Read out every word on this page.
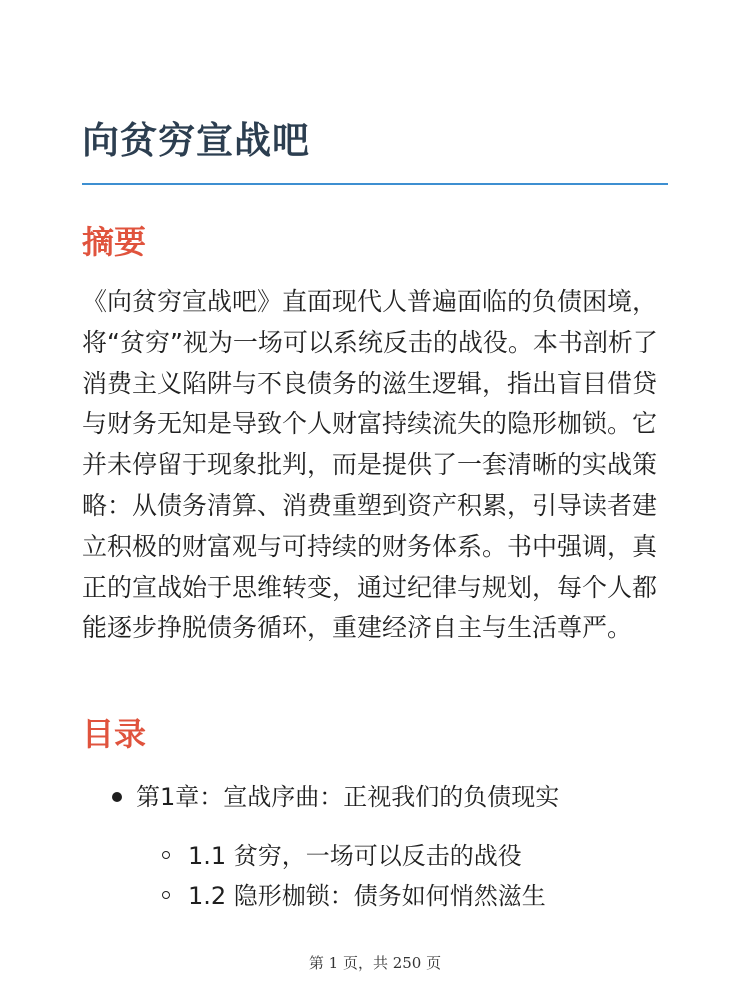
向贫穷宣战吧
摘要

《向贫穷宣战吧》直面现代人普遍面临的负债困境，将“贫穷”视为一场可以系统反击的战役。本书剖析了消费主义陷阱与不良债务的滋生逻辑，指出盲目借贷与财务无知是导致个人财富持续流失的隐形枷锁。它并未停留于现象批判，而是提供了一套清晰的实战策略：从债务清算、消费重塑到资产积累，引导读者建立积极的财富观与可持续的财务体系。书中强调，真正的宣战始于思维转变，通过纪律与规划，每个人都能逐步挣脱债务循环，重建经济自主与生活尊严。

目录
第1章：宣战序曲：正视我们的负债现实
1.1 贫穷，一场可以反击的战役
1.2 隐形枷锁：债务如何悄然滋生
第 1 页，共 250 页
